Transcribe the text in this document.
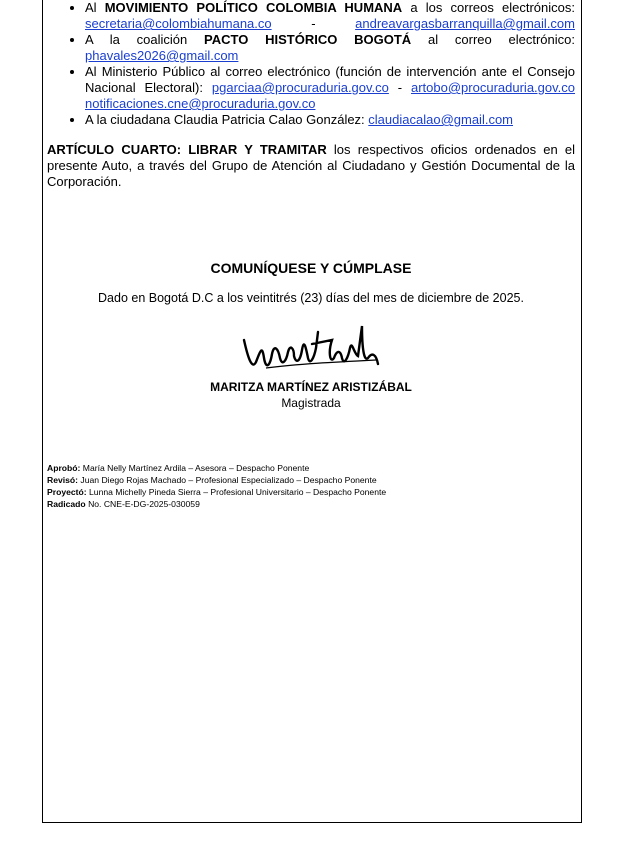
• Al MOVIMIENTO POLÍTICO COLOMBIA HUMANA a los correos electrónicos:
secretaria@colombiahumana.co - andreavargasbarranquilla@gmail.com
• A la coalición PACTO HISTÓRICO BOGOTÁ al correo electrónico:
phavales2026@gmail.com
• Al Ministerio Público al correo electrónico (función de intervención ante el Consejo Nacional Electoral): pgarciaa@procuraduria.gov.co - artobo@procuraduria.gov.co notificaciones.cne@procuraduria.gov.co
• A la ciudadana Claudia Patricia Calao González: claudiacalao@gmail.com

ARTÍCULO CUARTO: LIBRAR Y TRAMITAR los respectivos oficios ordenados en el presente Auto, a través del Grupo de Atención al Ciudadano y Gestión Documental de la Corporación.

COMUNÍQUESE Y CÚMPLASE
Dado en Bogotá D.C a los veintitrés (23) días del mes de diciembre de 2025.
MARITZA MARTÍNEZ ARISTIZÁBAL
Magistrada
Aprobó: María Nelly Martínez Ardila – Asesora – Despacho Ponente
Revisó: Juan Diego Rojas Machado – Profesional Especializado – Despacho Ponente
Proyectó: Lunna Michelly Pineda Sierra – Profesional Universitario – Despacho Ponente
Radicado No. CNE-E-DG-2025-030059
